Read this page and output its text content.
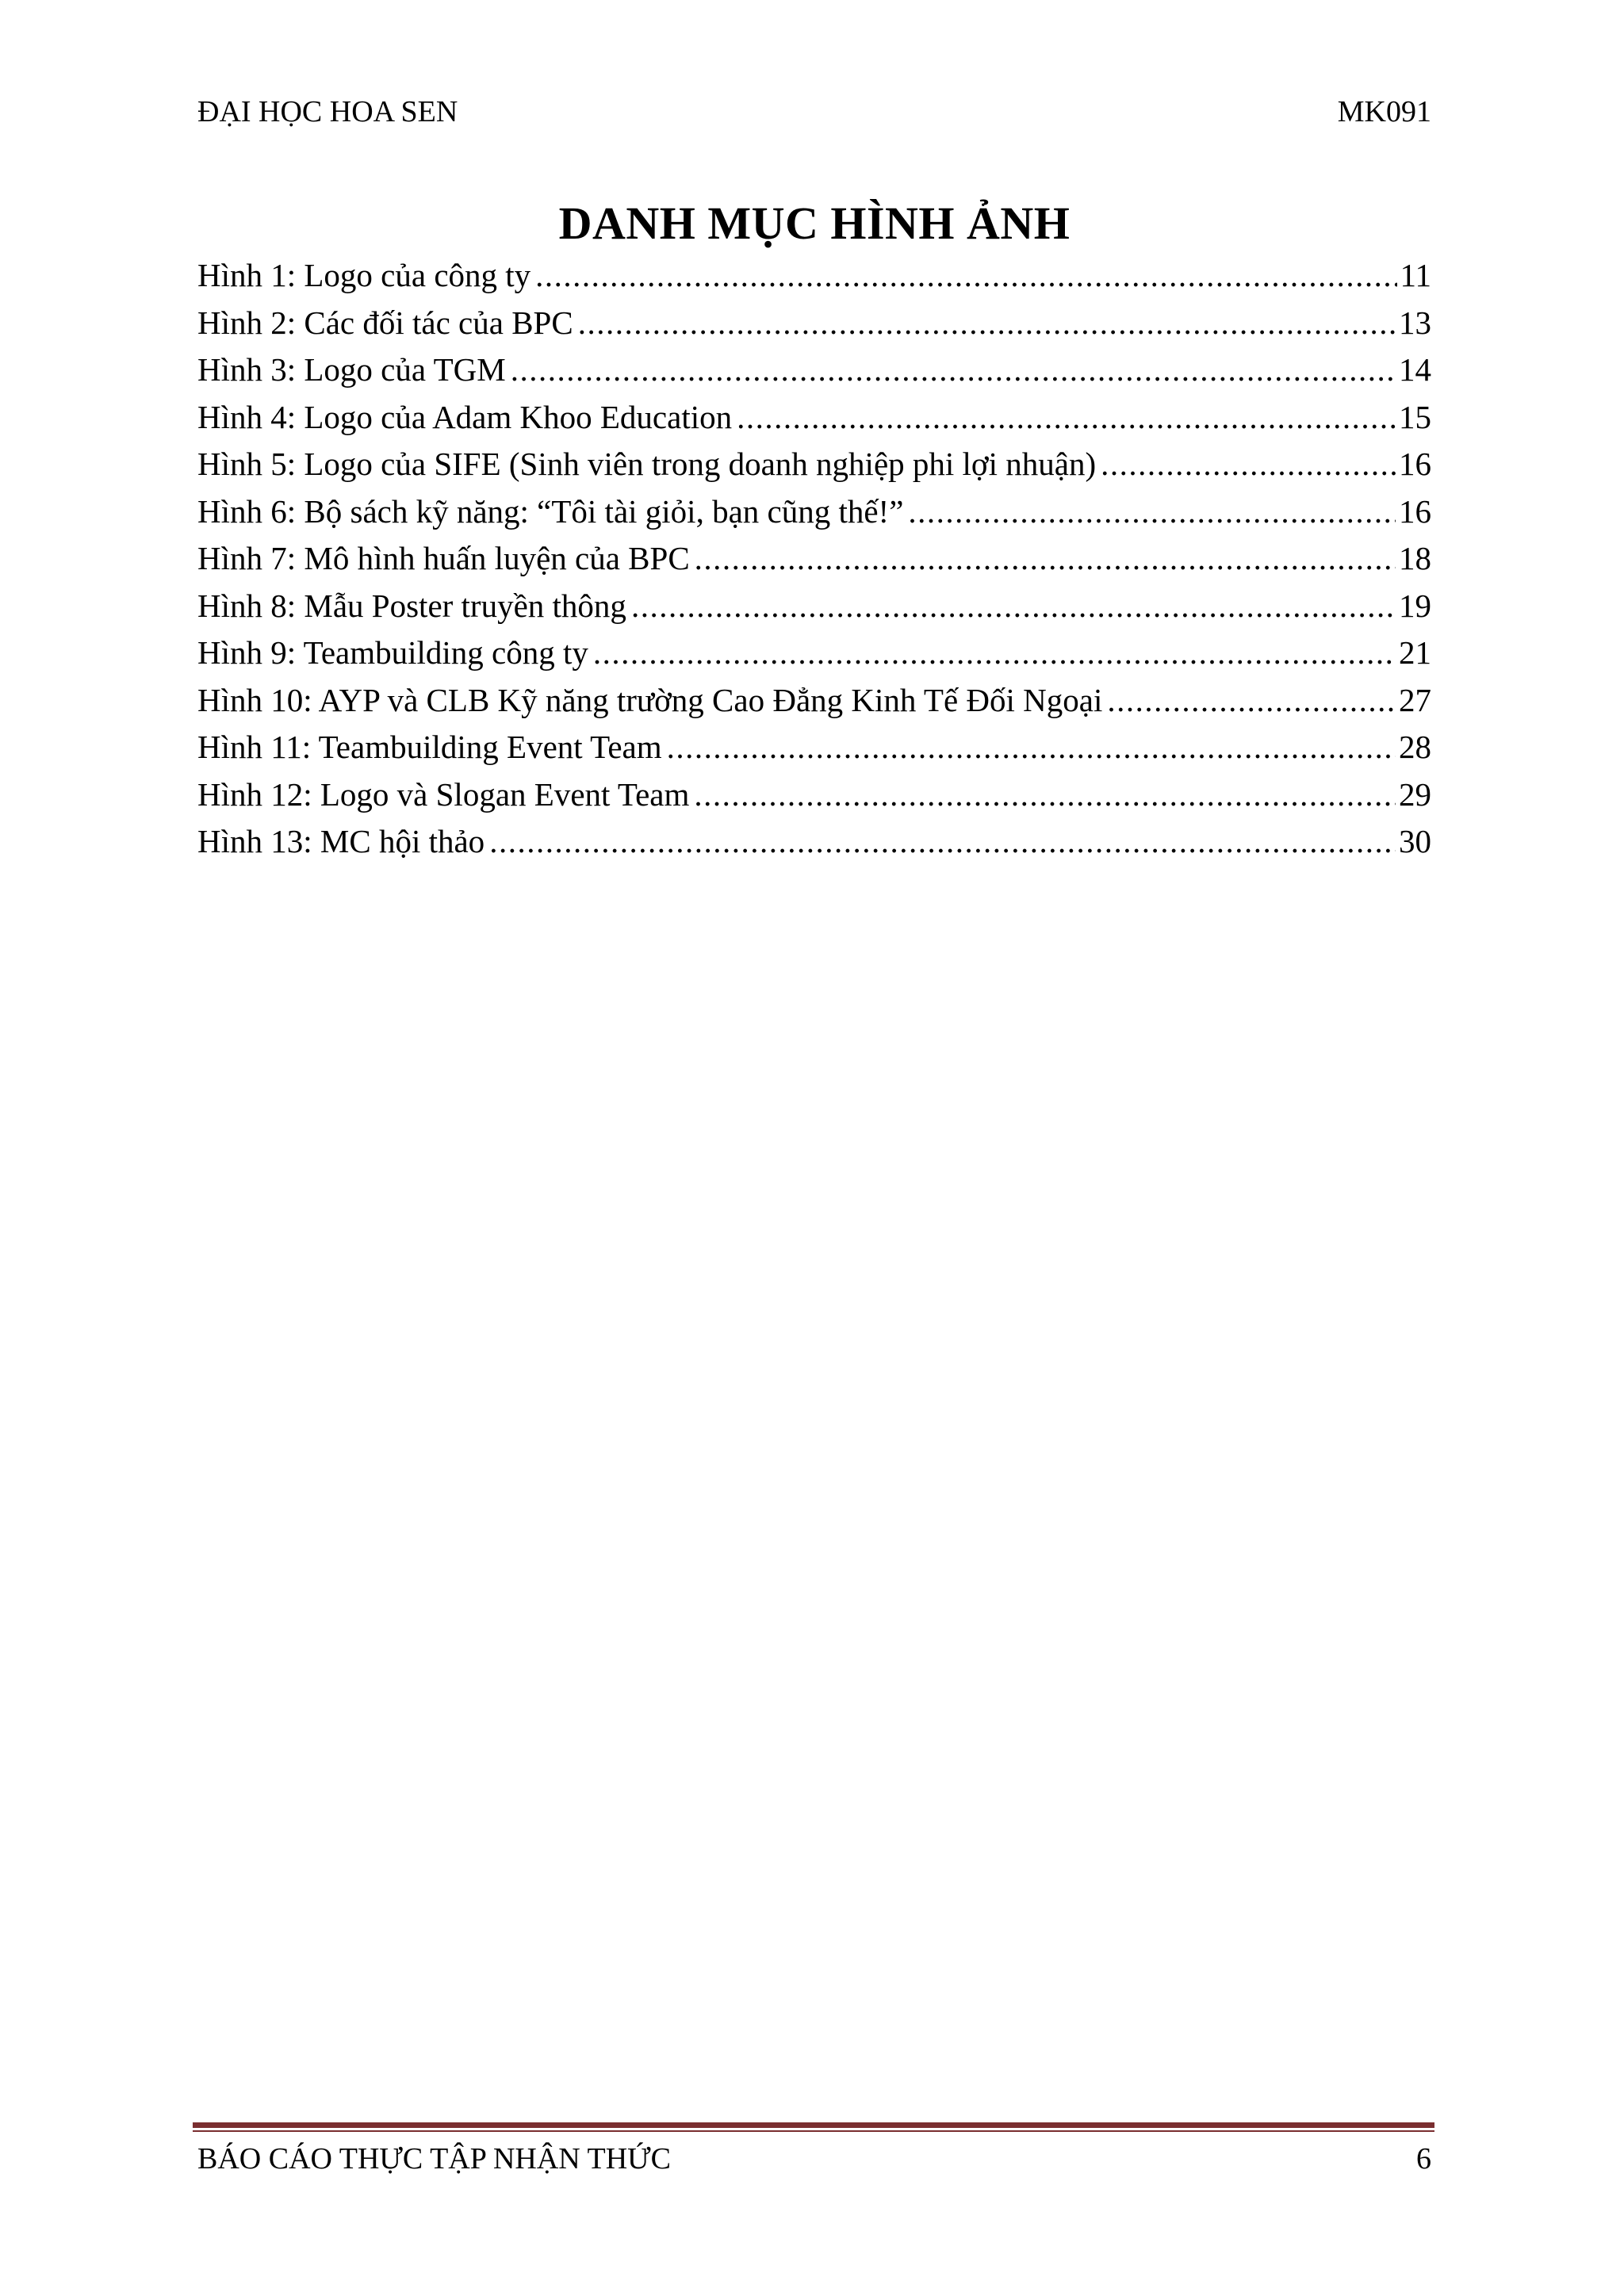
ĐẠI HỌC HOA SEN	MK091
DANH MỤC HÌNH ẢNH
Hình 1: Logo của công ty .....	11
Hình 2: Các đối tác của BPC .....	13
Hình 3: Logo của TGM .....	14
Hình 4: Logo của Adam Khoo Education .....	15
Hình 5: Logo của SIFE (Sinh viên trong doanh nghiệp phi lợi nhuận) .....	16
Hình 6: Bộ sách kỹ năng: “Tôi tài giỏi, bạn cũng thế!” .....	16
Hình 7: Mô hình huấn luyện của BPC .....	18
Hình 8: Mẫu Poster truyền thông .....	19
Hình 9: Teambuilding công ty .....	21
Hình 10: AYP và CLB Kỹ năng trường Cao Đẳng Kinh Tế Đối Ngoại .....	27
Hình 11: Teambuilding Event Team .....	28
Hình 12: Logo và Slogan Event Team .....	29
Hình 13: MC hội thảo .....	30
BÁO CÁO THỰC TẬP NHẬN THỨC	6
